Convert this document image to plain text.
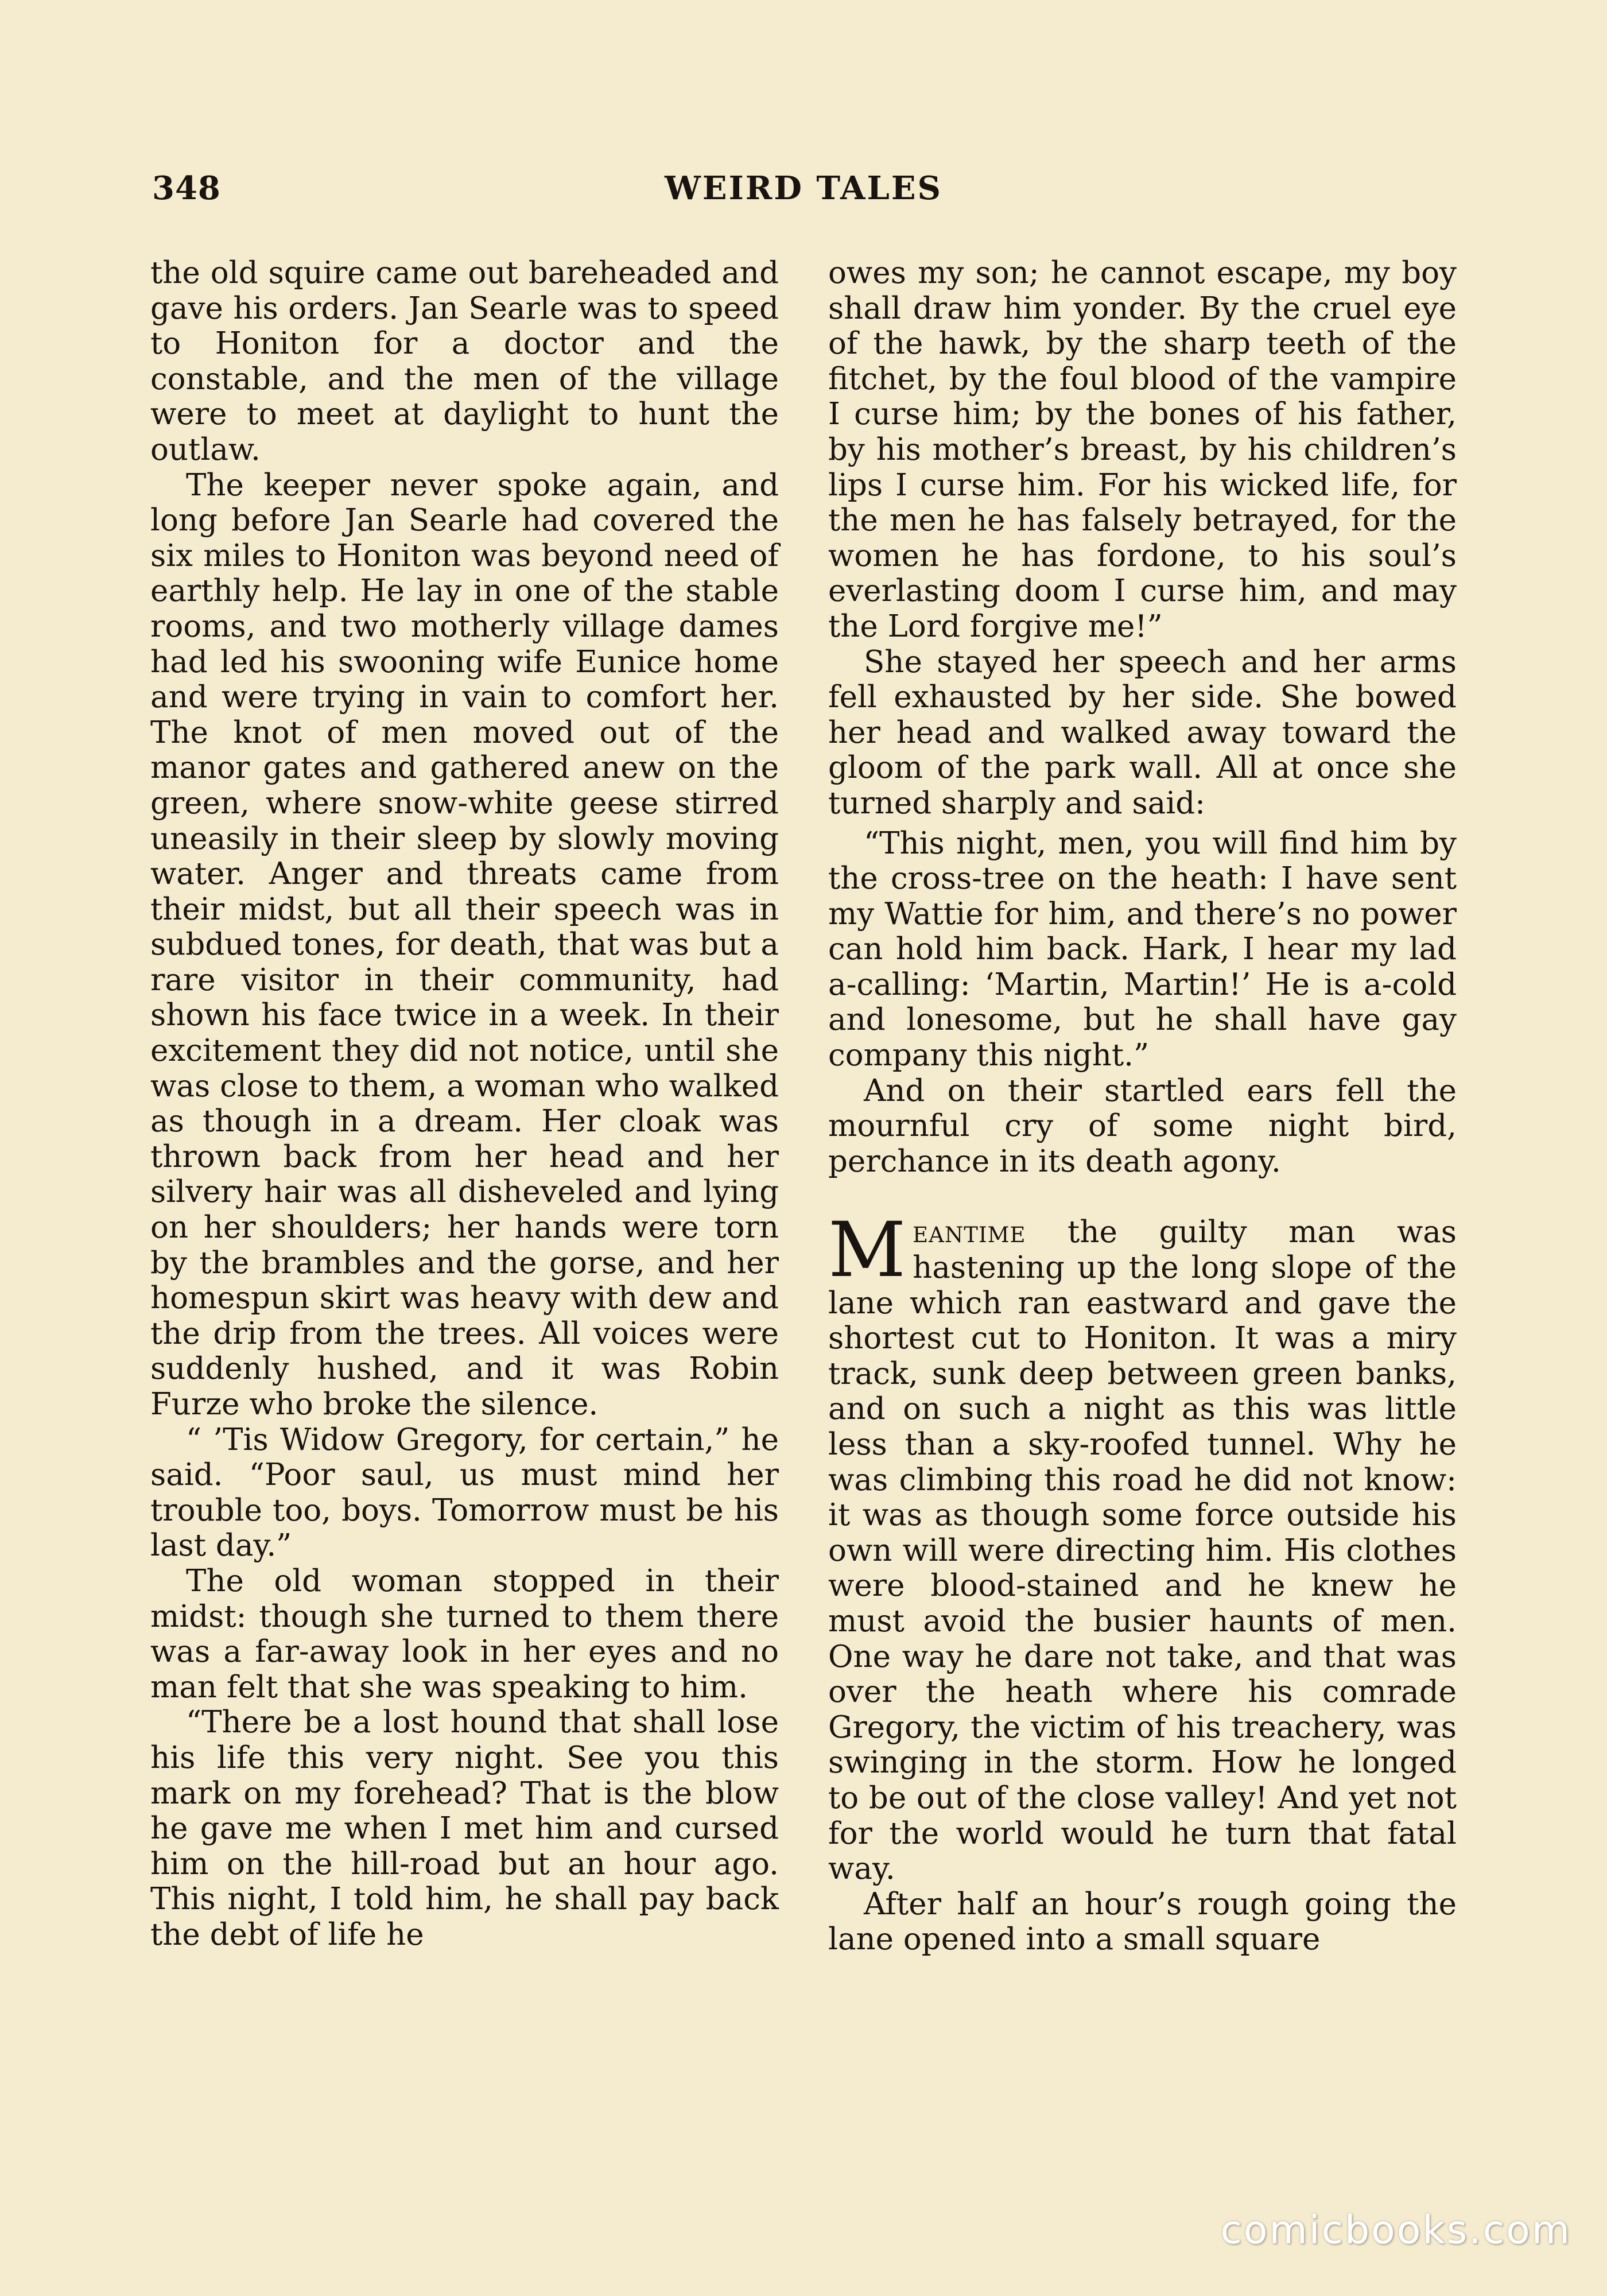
348	WEIRD TALES

the old squire came out bareheaded and gave his orders. Jan Searle was to speed to Honiton for a doctor and the constable, and the men of the village were to meet at daylight to hunt the outlaw.

The keeper never spoke again, and long before Jan Searle had covered the six miles to Honiton was beyond need of earthly help. He lay in one of the stable rooms, and two motherly village dames had led his swooning wife Eunice home and were trying in vain to comfort her. The knot of men moved out of the manor gates and gathered anew on the green, where snow-white geese stirred uneasily in their sleep by slowly moving water. Anger and threats came from their midst, but all their speech was in subdued tones, for death, that was but a rare visitor in their community, had shown his face twice in a week. In their excitement they did not notice, until she was close to them, a woman who walked as though in a dream. Her cloak was thrown back from her head and her silvery hair was all disheveled and lying on her shoulders; her hands were torn by the brambles and the gorse, and her homespun skirt was heavy with dew and the drip from the trees. All voices were suddenly hushed, and it was Robin Furze who broke the silence.

“ ’Tis Widow Gregory, for certain,” he said. “Poor saul, us must mind her trouble too, boys. Tomorrow must be his last day.”

The old woman stopped in their midst: though she turned to them there was a far-away look in her eyes and no man felt that she was speaking to him.

“There be a lost hound that shall lose his life this very night. See you this mark on my forehead? That is the blow he gave me when I met him and cursed him on the hill-road but an hour ago. This night, I told him, he shall pay back the debt of life he

owes my son; he cannot escape, my boy shall draw him yonder. By the cruel eye of the hawk, by the sharp teeth of the fitchet, by the foul blood of the vampire I curse him; by the bones of his father, by his mother’s breast, by his children’s lips I curse him. For his wicked life, for the men he has falsely betrayed, for the women he has fordone, to his soul’s everlasting doom I curse him, and may the Lord forgive me!”

She stayed her speech and her arms fell exhausted by her side. She bowed her head and walked away toward the gloom of the park wall. All at once she turned sharply and said:

“This night, men, you will find him by the cross-tree on the heath: I have sent my Wattie for him, and there’s no power can hold him back. Hark, I hear my lad a-calling: ‘Martin, Martin!’ He is a-cold and lonesome, but he shall have gay company this night.”

And on their startled ears fell the mournful cry of some night bird, perchance in its death agony.

Meantime the guilty man was hastening up the long slope of the lane which ran eastward and gave the shortest cut to Honiton. It was a miry track, sunk deep between green banks, and on such a night as this was little less than a sky-roofed tunnel. Why he was climbing this road he did not know: it was as though some force outside his own will were directing him. His clothes were blood-stained and he knew he must avoid the busier haunts of men. One way he dare not take, and that was over the heath where his comrade Gregory, the victim of his treachery, was swinging in the storm. How he longed to be out of the close valley! And yet not for the world would he turn that fatal way.

After half an hour’s rough going the lane opened into a small square

comicbooks.com
